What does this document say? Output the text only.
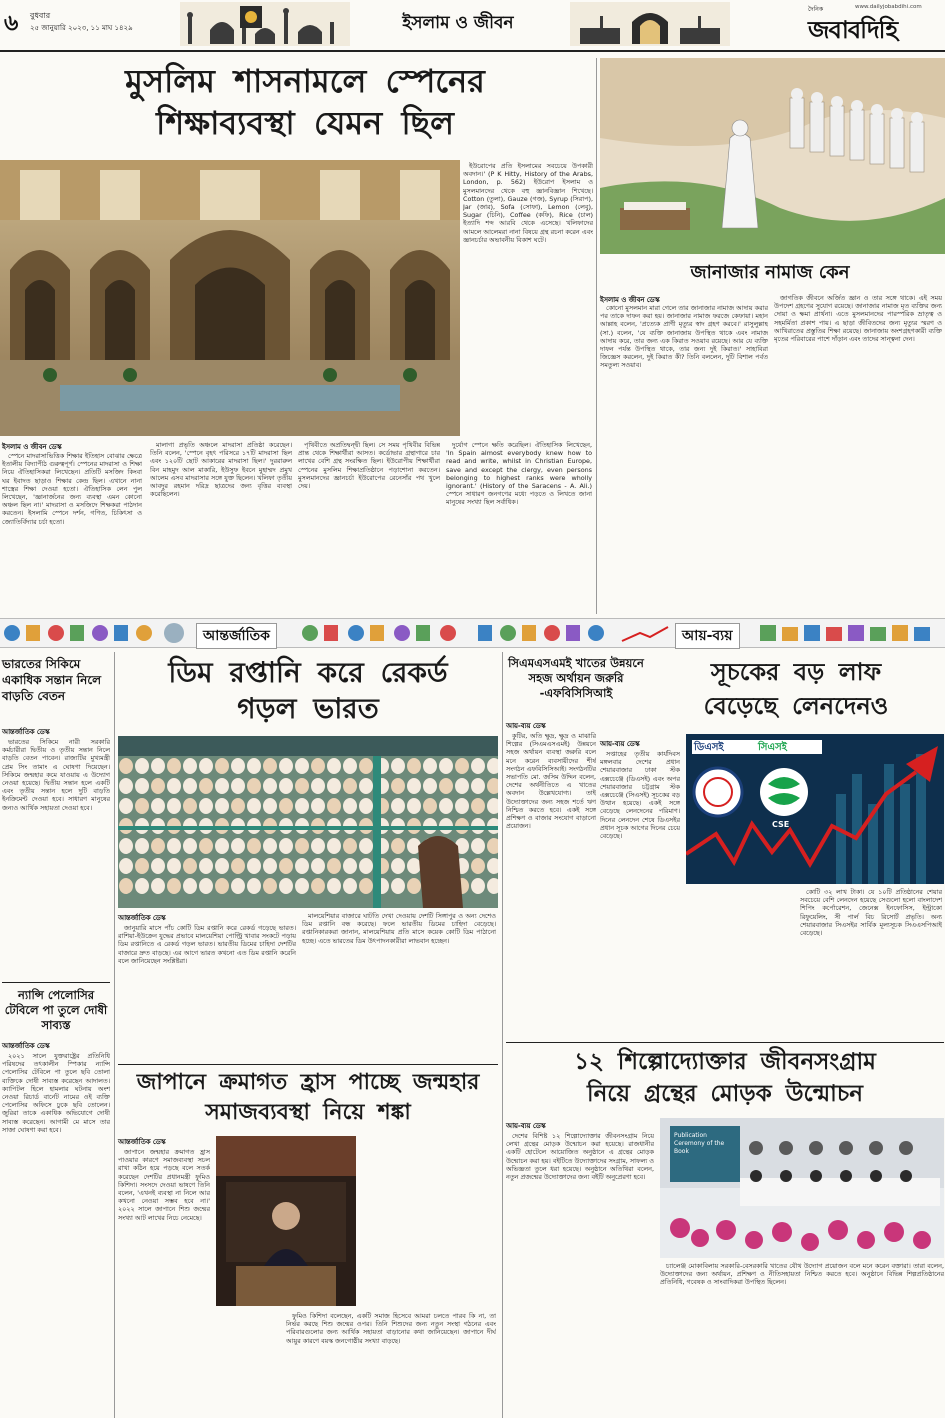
৬ বুধবার
২৫ জানুয়ারি ২০২৩, ১১ মাঘ ১৪২৯	ইসলাম ও জীবন
দৈনিক	www.dailyjobabdihi.com
জবাবদিহি
মুসলিম শাসনামলে স্পেনের
শিক্ষাব্যবস্থা যেমন ছিল

ইউরোপের প্রতি ইসলামের সবচেয়ে উপকারী অবদান।' (P K Hitty, History of the Arabs, London, p. 562) ইউরোপ ইসলাম ও মুসলমানদের থেকে বহু জ্ঞানবিজ্ঞান শিখেছে। Cotton (তুলা), Gauze (গজ), Syrup (সিরাপ), Jar (জার), Sofa (সোফা), Lemon (লেবু), Sugar (চিনি), Coffee (কফি), Rice (চাল) ইত্যাদি শব্দ আরবি থেকে এসেছে। খলিফাদের আমলে আলেমরা নানা বিষয়ে গ্রন্থ রচনা করেন এবং জ্ঞানচর্চার অভাবনীয় বিকাশ ঘটে।

ইসলাম ও জীবন ডেস্ক

স্পেনে মাদরাসাভিত্তিক শিক্ষার ইতিহাস বোঝার ক্ষেত্রে ইতালীয় বিদ্যাপীঠ গুরুত্বপূর্ণ। স্পেনের মাদরাসা ও শিক্ষা নিয়ে ঐতিহাসিকরা লিখেছেন। প্রতিটি মসজিদ কিংবা ঘর ইবাদত ছাড়াও শিক্ষার কেন্দ্র ছিল। এখানে নানা শাস্ত্রের শিক্ষা দেওয়া হতো। ঐতিহাসিক লেন পুল লিখেছেন, 'জ্ঞানার্জনের জন্য ব্যবস্থা এমন কোনো অঞ্চল ছিল না।' মাদরাসা ও মসজিদে শিক্ষকরা পাঠদান করতেন। ইসলামি স্পেনে দর্শন, গণিত, চিকিৎসা ও জ্যোতির্বিদ্যার চর্চা হতো।

মালাগা প্রভৃতি অঞ্চলে মাদরাসা প্রতিষ্ঠা করেছেন। তিনি বলেন, 'স্পেনে বৃহৎ পরিসরে ১৭টি মাদরাসা ছিল এবং ১২০টি ছোট আকারের মাদরাসা ছিল।' দুররারুল বিন মাহমুদ আল মাকারি, ইউসুফ ইবনে মুহাম্মদ প্রমুখ আলেম এসব মাদরাসার সঙ্গে যুক্ত ছিলেন। খলিফা তৃতীয় আবদুর রহমান দরিদ্র ছাত্রদের জন্য বৃত্তির ব্যবস্থা করেছিলেন।

পৃথিবীতে অপ্রতিদ্বন্দ্বী ছিল। সে সময় পৃথিবীর বিভিন্ন প্রান্ত থেকে শিক্ষার্থীরা আসত। কর্ডোভার গ্রন্থাগারে চার লাখের বেশি গ্রন্থ সংরক্ষিত ছিল। ইউরোপীয় শিক্ষার্থীরা স্পেনের মুসলিম শিক্ষাপ্রতিষ্ঠানে পড়াশোনা করতেন। মুসলমানদের জ্ঞানচর্চা ইউরোপের রেনেসাঁর পথ খুলে দেয়।

দুর্যোগ স্পেনে ক্ষতি করেছিল। ঐতিহাসিক লিখেছেন, 'In Spain almost everybody knew how to read and write, whilst in Christian Europe, save and except the clergy, even persons belonging to highest ranks were wholly ignorant.' (History of the Saracens - A. Ali.) স্পেনে সাধারণ জনগণের মধ্যে পড়তে ও লিখতে জানা মানুষের সংখ্যা ছিল সর্বাধিক।

জানাজার নামাজ কেন
ইসলাম ও জীবন ডেস্ক

কোনো মুসলমান মারা গেলে তার জানাজার নামাজ আদায় করার পর তাকে দাফন করা হয়। জানাজার নামাজ ফরজে কেফায়া। মহান আল্লাহ বলেন, 'প্রত্যেক প্রাণী মৃত্যুর স্বাদ গ্রহণ করবে।' রাসুলুল্লাহ (সা.) বলেন, 'যে ব্যক্তি জানাজায় উপস্থিত থাকে এবং নামাজ আদায় করে, তার জন্য এক কিরাত সওয়াব রয়েছে। আর যে ব্যক্তি দাফন পর্যন্ত উপস্থিত থাকে, তার জন্য দুই কিরাত।' সাহাবিরা জিজ্ঞেস করলেন, দুই কিরাত কী? তিনি বললেন, দুটি বিশাল পর্বত সমতুল্য সওয়াব।

জাগতিক জীবনে অর্জিত জ্ঞান ও তার সঙ্গে থাকে। এই সময় উপদেশ গ্রহণের সুযোগ রয়েছে। জানাজার নামাজ মৃত ব্যক্তির জন্য দোয়া ও ক্ষমা প্রার্থনা। এতে মুসলমানদের পারস্পরিক ভ্রাতৃত্ব ও সহমর্মিতা প্রকাশ পায়। এ ছাড়া জীবিতদের জন্য মৃত্যুর স্মরণ ও আখিরাতের প্রস্তুতির শিক্ষা রয়েছে। জানাজায় অংশগ্রহণকারী ব্যক্তি মৃতের পরিবারের পাশে দাঁড়ান এবং তাদের সান্ত্বনা দেন।

আন্তর্জাতিক	আয়-ব্যয়
ভারতের সিকিমে একাধিক সন্তান নিলে বাড়তি বেতন
আন্তর্জাতিক ডেস্ক

ভারতের সিকিমে নারী সরকারি কর্মচারীরা দ্বিতীয় ও তৃতীয় সন্তান নিলে বাড়তি বেতন পাবেন। রাজ্যটির মুখ্যমন্ত্রী প্রেম সিং তামাং এ ঘোষণা দিয়েছেন। সিকিমে জন্মহার কমে যাওয়ায় এ উদ্যোগ নেওয়া হয়েছে। দ্বিতীয় সন্তান হলে একটি এবং তৃতীয় সন্তান হলে দুটি বাড়তি ইনক্রিমেন্ট দেওয়া হবে। সাধারণ মানুষের জন্যও আর্থিক সহায়তা দেওয়া হবে।

ন্যান্সি পেলোসির টেবিলে পা তুলে দোষী সাব্যস্ত
আন্তর্জাতিক ডেস্ক

২০২১ সালে যুক্তরাষ্ট্রের প্রতিনিধি পরিষদের তৎকালীন স্পিকার ন্যান্সি পেলোসির টেবিলে পা তুলে ছবি তোলা ব্যক্তিকে দোষী সাব্যস্ত করেছেন আদালত। ক্যাপিটল হিলে হামলার ঘটনায় অংশ নেওয়া রিচার্ড বার্নেট নামের ওই ব্যক্তি পেলোসির অফিসে ঢুকে ছবি তোলেন। জুরিরা তাকে একাধিক অভিযোগে দোষী সাব্যস্ত করেছেন। আগামী মে মাসে তার সাজা ঘোষণা করা হবে।

ডিম রপ্তানি করে রেকর্ড
গড়ল ভারত
আন্তর্জাতিক ডেস্ক

জানুয়ারি মাসে পাঁচ কোটি ডিম রপ্তানি করে রেকর্ড গড়েছে ভারত। রাশিয়া-ইউক্রেন যুদ্ধের প্রভাবে মালয়েশিয়া পোল্ট্রি খাবার সংকটে পড়ায় ডিম রপ্তানিতে এ রেকর্ড গড়ল ভারত। ভারতীয় ডিমের চাহিদা দেশটির বাজারে দ্রুত বাড়ছে। এর আগে ভারত কখনো এত ডিম রপ্তানি করেনি বলে জানিয়েছেন সংশ্লিষ্টরা।

মালয়েশিয়ার বাজারে ঘাটতি দেখা দেওয়ায় দেশটি সিঙ্গাপুর ও অন্য দেশেও ডিম রপ্তানি বন্ধ করেছে। ফলে ভারতীয় ডিমের চাহিদা বেড়েছে। রপ্তানিকারকরা জানান, মালয়েশিয়ায় প্রতি মাসে কয়েক কোটি ডিম পাঠানো হচ্ছে। এতে ভারতের ডিম উৎপাদনকারীরা লাভবান হচ্ছেন।

জাপানে ক্রমাগত হ্রাস পাচ্ছে জন্মহার
সমাজব্যবস্থা নিয়ে শঙ্কা
আন্তর্জাতিক ডেস্ক

জাপানে জন্মহার ক্রমাগত হ্রাস পাওয়ার কারণে সমাজব্যবস্থা সচল রাখা কঠিন হয়ে পড়ছে বলে সতর্ক করেছেন দেশটির প্রধানমন্ত্রী ফুমিও কিশিদা। সংসদে দেওয়া ভাষণে তিনি বলেন, 'এখনই ব্যবস্থা না নিলে আর কখনো নেওয়া সম্ভব হবে না।' ২০২২ সালে জাপানে শিশু জন্মের সংখ্যা আট লাখের নিচে নেমেছে।

ফুমিও কিশিদা বলেছেন, একটি সমাজ হিসেবে আমরা চলতে পারব কি না, তা নির্ভর করছে শিশু জন্মের ওপর। তিনি শিশুদের জন্য নতুন সংস্থা গঠনের এবং পরিবারগুলোর জন্য আর্থিক সহায়তা বাড়ানোর কথা জানিয়েছেন। জাপানে দীর্ঘ আয়ুর কারণে বয়স্ক জনগোষ্ঠীর সংখ্যা বাড়ছে।

সিএমএসএমই খাতের উন্নয়নে সহজ অর্থায়ন জরুরি -এফবিসিসিআই
আয়-ব্যয় ডেস্ক

কুটির, অতি ক্ষুদ্র, ক্ষুদ্র ও মাঝারি শিল্পের (সিএমএসএমই) উন্নয়নে সহজ অর্থায়ন ব্যবস্থা জরুরি বলে মনে করেন ব্যবসায়ীদের শীর্ষ সংগঠন এফবিসিসিআই। সংগঠনটির সভাপতি মো. জসিম উদ্দিন বলেন, দেশের অর্থনীতিতে এ খাতের অবদান উল্লেখযোগ্য। তাই উদ্যোক্তাদের জন্য সহজ শর্তে ঋণ নিশ্চিত করতে হবে। একই সঙ্গে প্রশিক্ষণ ও বাজার সংযোগ বাড়ানো প্রয়োজন।

সূচকের বড় লাফ
বেড়েছে লেনদেনও
আয়-ব্যয় ডেস্ক

সপ্তাহের তৃতীয় কার্যদিবস মঙ্গলবার দেশের প্রধান শেয়ারবাজার ঢাকা স্টক এক্সচেঞ্জে (ডিএসই) এবং অপর শেয়ারবাজার চট্টগ্রাম স্টক এক্সচেঞ্জে (সিএসই) সূচকের বড় উত্থান হয়েছে। একই সঙ্গে বেড়েছে লেনদেনের পরিমাণ। দিনের লেনদেন শেষে ডিএসইর প্রধান সূচক আগের দিনের চেয়ে বেড়েছে।

ডিএসই	সিএসই
CSE

কোটি ৩২ লাখ টাকা। যে ১০টি প্রতিষ্ঠানের শেয়ার সবচেয়ে বেশি লেনদেন হয়েছে সেগুলো হলো বাংলাদেশ শিপিং কর্পোরেশন, জেনেক্স ইনফোসিস, ইন্ট্রাকো রিফুয়েলিং, সী পার্ল বিচ রিসোর্ট প্রভৃতি। অন্য শেয়ারবাজার সিএসইর সার্বিক মূল্যসূচক সিএএসপিআই বেড়েছে।

১২ শিল্পোদ্যোক্তার জীবনসংগ্রাম
নিয়ে গ্রন্থের মোড়ক উন্মোচন
আয়-ব্যয় ডেস্ক

দেশের বিশিষ্ট ১২ শিল্পোদ্যোক্তার জীবনসংগ্রাম নিয়ে লেখা গ্রন্থের মোড়ক উন্মোচন করা হয়েছে। রাজধানীর একটি হোটেলে আয়োজিত অনুষ্ঠানে এ গ্রন্থের মোড়ক উন্মোচন করা হয়। বইটিতে উদ্যোক্তাদের সংগ্রাম, সাফল্য ও অভিজ্ঞতা তুলে ধরা হয়েছে। অনুষ্ঠানে অতিথিরা বলেন, নতুন প্রজন্মের উদ্যোক্তাদের জন্য বইটি অনুপ্রেরণা হবে।

Publication Ceremony of the Book

চ্যালেঞ্জ মোকাবিলায় সরকারি-বেসরকারি খাতের যৌথ উদ্যোগ প্রয়োজন বলে মনে করেন বক্তারা। তারা বলেন, উদ্যোক্তাদের জন্য অর্থায়ন, প্রশিক্ষণ ও নীতিসহায়তা নিশ্চিত করতে হবে। অনুষ্ঠানে বিভিন্ন শিল্পপ্রতিষ্ঠানের প্রতিনিধি, গবেষক ও সাংবাদিকরা উপস্থিত ছিলেন।
